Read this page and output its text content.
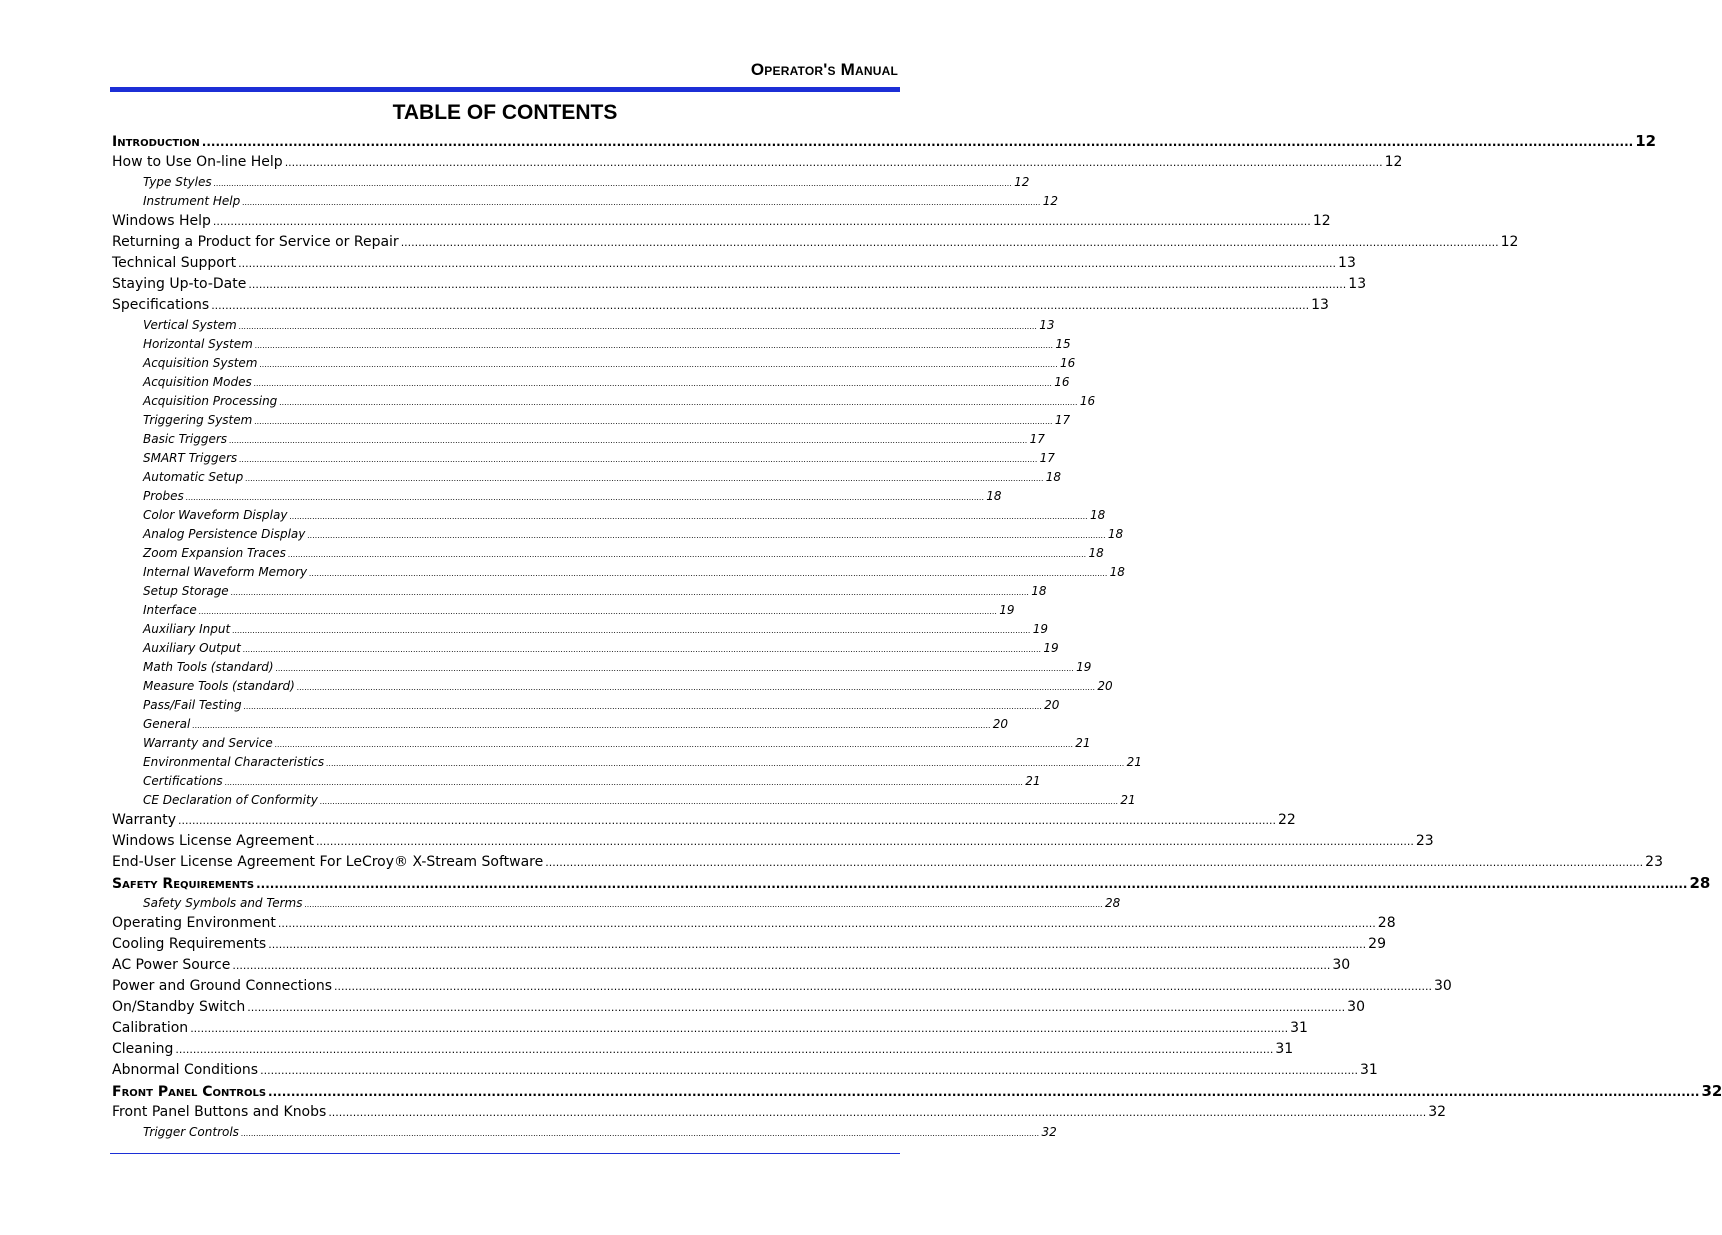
Operator's Manual
TABLE OF CONTENTS
Introduction .......................................................................................................................................................................................................................................................................................................................... 12
How to Use On-line Help .......................................................................................................................................................................................................................................................................................................................... 12
Type Styles .......................................................................................................................................................................................................................................................................................................................... 12
Instrument Help .......................................................................................................................................................................................................................................................................................................................... 12
Windows Help .......................................................................................................................................................................................................................................................................................................................... 12
Returning a Product for Service or Repair .......................................................................................................................................................................................................................................................................................................................... 12
Technical Support .......................................................................................................................................................................................................................................................................................................................... 13
Staying Up-to-Date .......................................................................................................................................................................................................................................................................................................................... 13
Specifications .......................................................................................................................................................................................................................................................................................................................... 13
Vertical System .......................................................................................................................................................................................................................................................................................................................... 13
Horizontal System .......................................................................................................................................................................................................................................................................................................................... 15
Acquisition System .......................................................................................................................................................................................................................................................................................................................... 16
Acquisition Modes .......................................................................................................................................................................................................................................................................................................................... 16
Acquisition Processing .......................................................................................................................................................................................................................................................................................................................... 16
Triggering System .......................................................................................................................................................................................................................................................................................................................... 17
Basic Triggers .......................................................................................................................................................................................................................................................................................................................... 17
SMART Triggers .......................................................................................................................................................................................................................................................................................................................... 17
Automatic Setup .......................................................................................................................................................................................................................................................................................................................... 18
Probes .......................................................................................................................................................................................................................................................................................................................... 18
Color Waveform Display .......................................................................................................................................................................................................................................................................................................................... 18
Analog Persistence Display .......................................................................................................................................................................................................................................................................................................................... 18
Zoom Expansion Traces .......................................................................................................................................................................................................................................................................................................................... 18
Internal Waveform Memory .......................................................................................................................................................................................................................................................................................................................... 18
Setup Storage .......................................................................................................................................................................................................................................................................................................................... 18
Interface .......................................................................................................................................................................................................................................................................................................................... 19
Auxiliary Input .......................................................................................................................................................................................................................................................................................................................... 19
Auxiliary Output .......................................................................................................................................................................................................................................................................................................................... 19
Math Tools (standard) .......................................................................................................................................................................................................................................................................................................................... 19
Measure Tools (standard) .......................................................................................................................................................................................................................................................................................................................... 20
Pass/Fail Testing .......................................................................................................................................................................................................................................................................................................................... 20
General .......................................................................................................................................................................................................................................................................................................................... 20
Warranty and Service .......................................................................................................................................................................................................................................................................................................................... 21
Environmental Characteristics .......................................................................................................................................................................................................................................................................................................................... 21
Certifications .......................................................................................................................................................................................................................................................................................................................... 21
CE Declaration of Conformity .......................................................................................................................................................................................................................................................................................................................... 21
Warranty .......................................................................................................................................................................................................................................................................................................................... 22
Windows License Agreement .......................................................................................................................................................................................................................................................................................................................... 23
End-User License Agreement For LeCroy® X-Stream Software .......................................................................................................................................................................................................................................................................................................................... 23
Safety Requirements .......................................................................................................................................................................................................................................................................................................................... 28
Safety Symbols and Terms .......................................................................................................................................................................................................................................................................................................................... 28
Operating Environment .......................................................................................................................................................................................................................................................................................................................... 28
Cooling Requirements .......................................................................................................................................................................................................................................................................................................................... 29
AC Power Source .......................................................................................................................................................................................................................................................................................................................... 30
Power and Ground Connections .......................................................................................................................................................................................................................................................................................................................... 30
On/Standby Switch .......................................................................................................................................................................................................................................................................................................................... 30
Calibration .......................................................................................................................................................................................................................................................................................................................... 31
Cleaning .......................................................................................................................................................................................................................................................................................................................... 31
Abnormal Conditions .......................................................................................................................................................................................................................................................................................................................... 31
Front Panel Controls .......................................................................................................................................................................................................................................................................................................................... 32
Front Panel Buttons and Knobs .......................................................................................................................................................................................................................................................................................................................... 32
Trigger Controls .......................................................................................................................................................................................................................................................................................................................... 32
